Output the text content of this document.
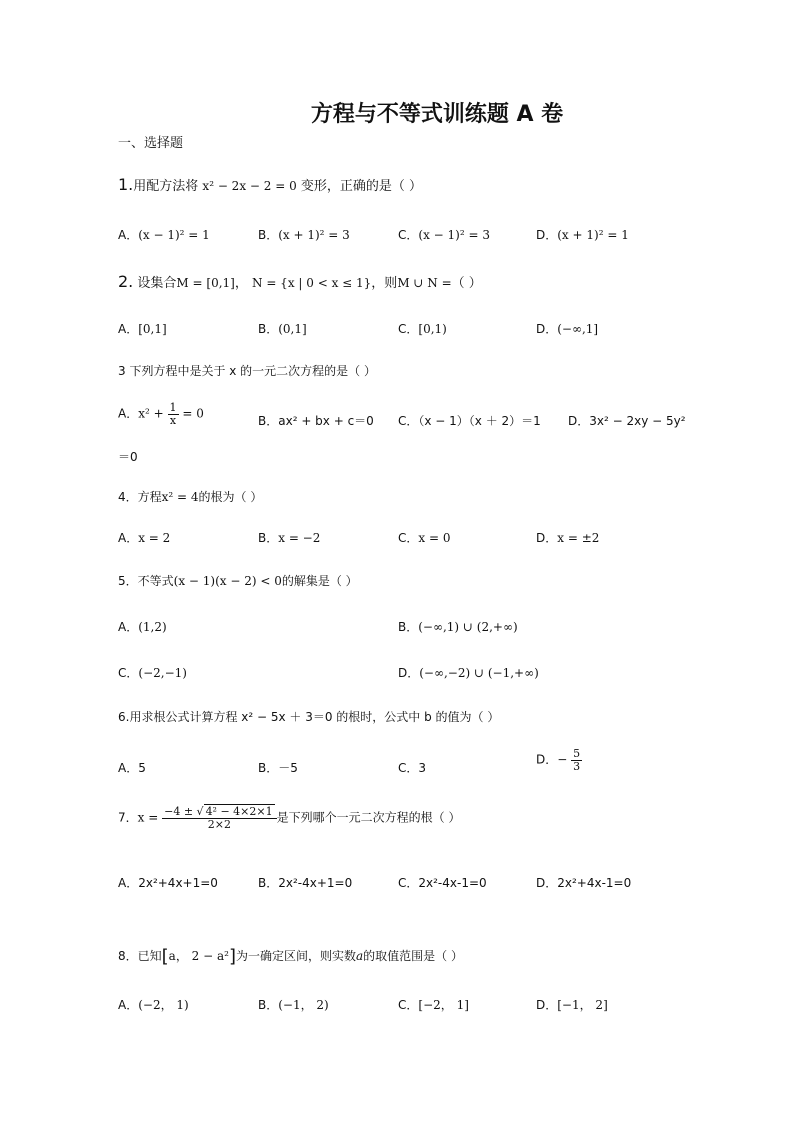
方程与不等式训练题 A 卷
一、选择题
1.用配方法将 x² − 2x − 2 = 0 变形，正确的是（ ）
A．(x − 1)² = 1	B．(x + 1)² = 3	C．(x − 1)² = 3	D．(x + 1)² = 1
2. 设集合M = [0,1]， N = {x | 0 < x ≤ 1}，则M ∪ N =（ ）
A．[0,1]	B．(0,1]	C．[0,1)	D．(−∞,1]
3 下列方程中是关于 x 的一元二次方程的是（ ）
A．$x^2 + \frac{1}{x} = 0$
B．ax² + bx + c＝0 C．（x − 1）（x ＋ 2）＝1 D．3x² − 2xy − 5y²
＝0
4．方程x² = 4的根为（ ）
A．x = 2	B．x = −2	C．x = 0	D．x = ±2
5．不等式(x − 1)(x − 2) < 0的解集是（ ）
A．(1,2)	B．(−∞,1) ∪ (2,+∞)
C．(−2,−1)	D．(−∞,−2) ∪ (−1,+∞)
6.用求根公式计算方程 x² − 5x ＋ 3＝0 的根时，公式中 b 的值为（ ）
A．5	B．－5	C．3
D．− $\frac{5}{3}$
7．$x = \frac{\text{−4 ± √ 4² − 4×2×1}}{2\times 2}$ 是下列哪个一元二次方程的根（ ）
A．2x²+4x+1=0	B．2x²-4x+1=0	C．2x²-4x-1=0	D．2x²+4x-1=0
8．已知[a， 2 − a²]为一确定区间，则实数a的取值范围是（ ）
A．(−2， 1)	B．(−1， 2)	C．[−2， 1]	D．[−1， 2]
